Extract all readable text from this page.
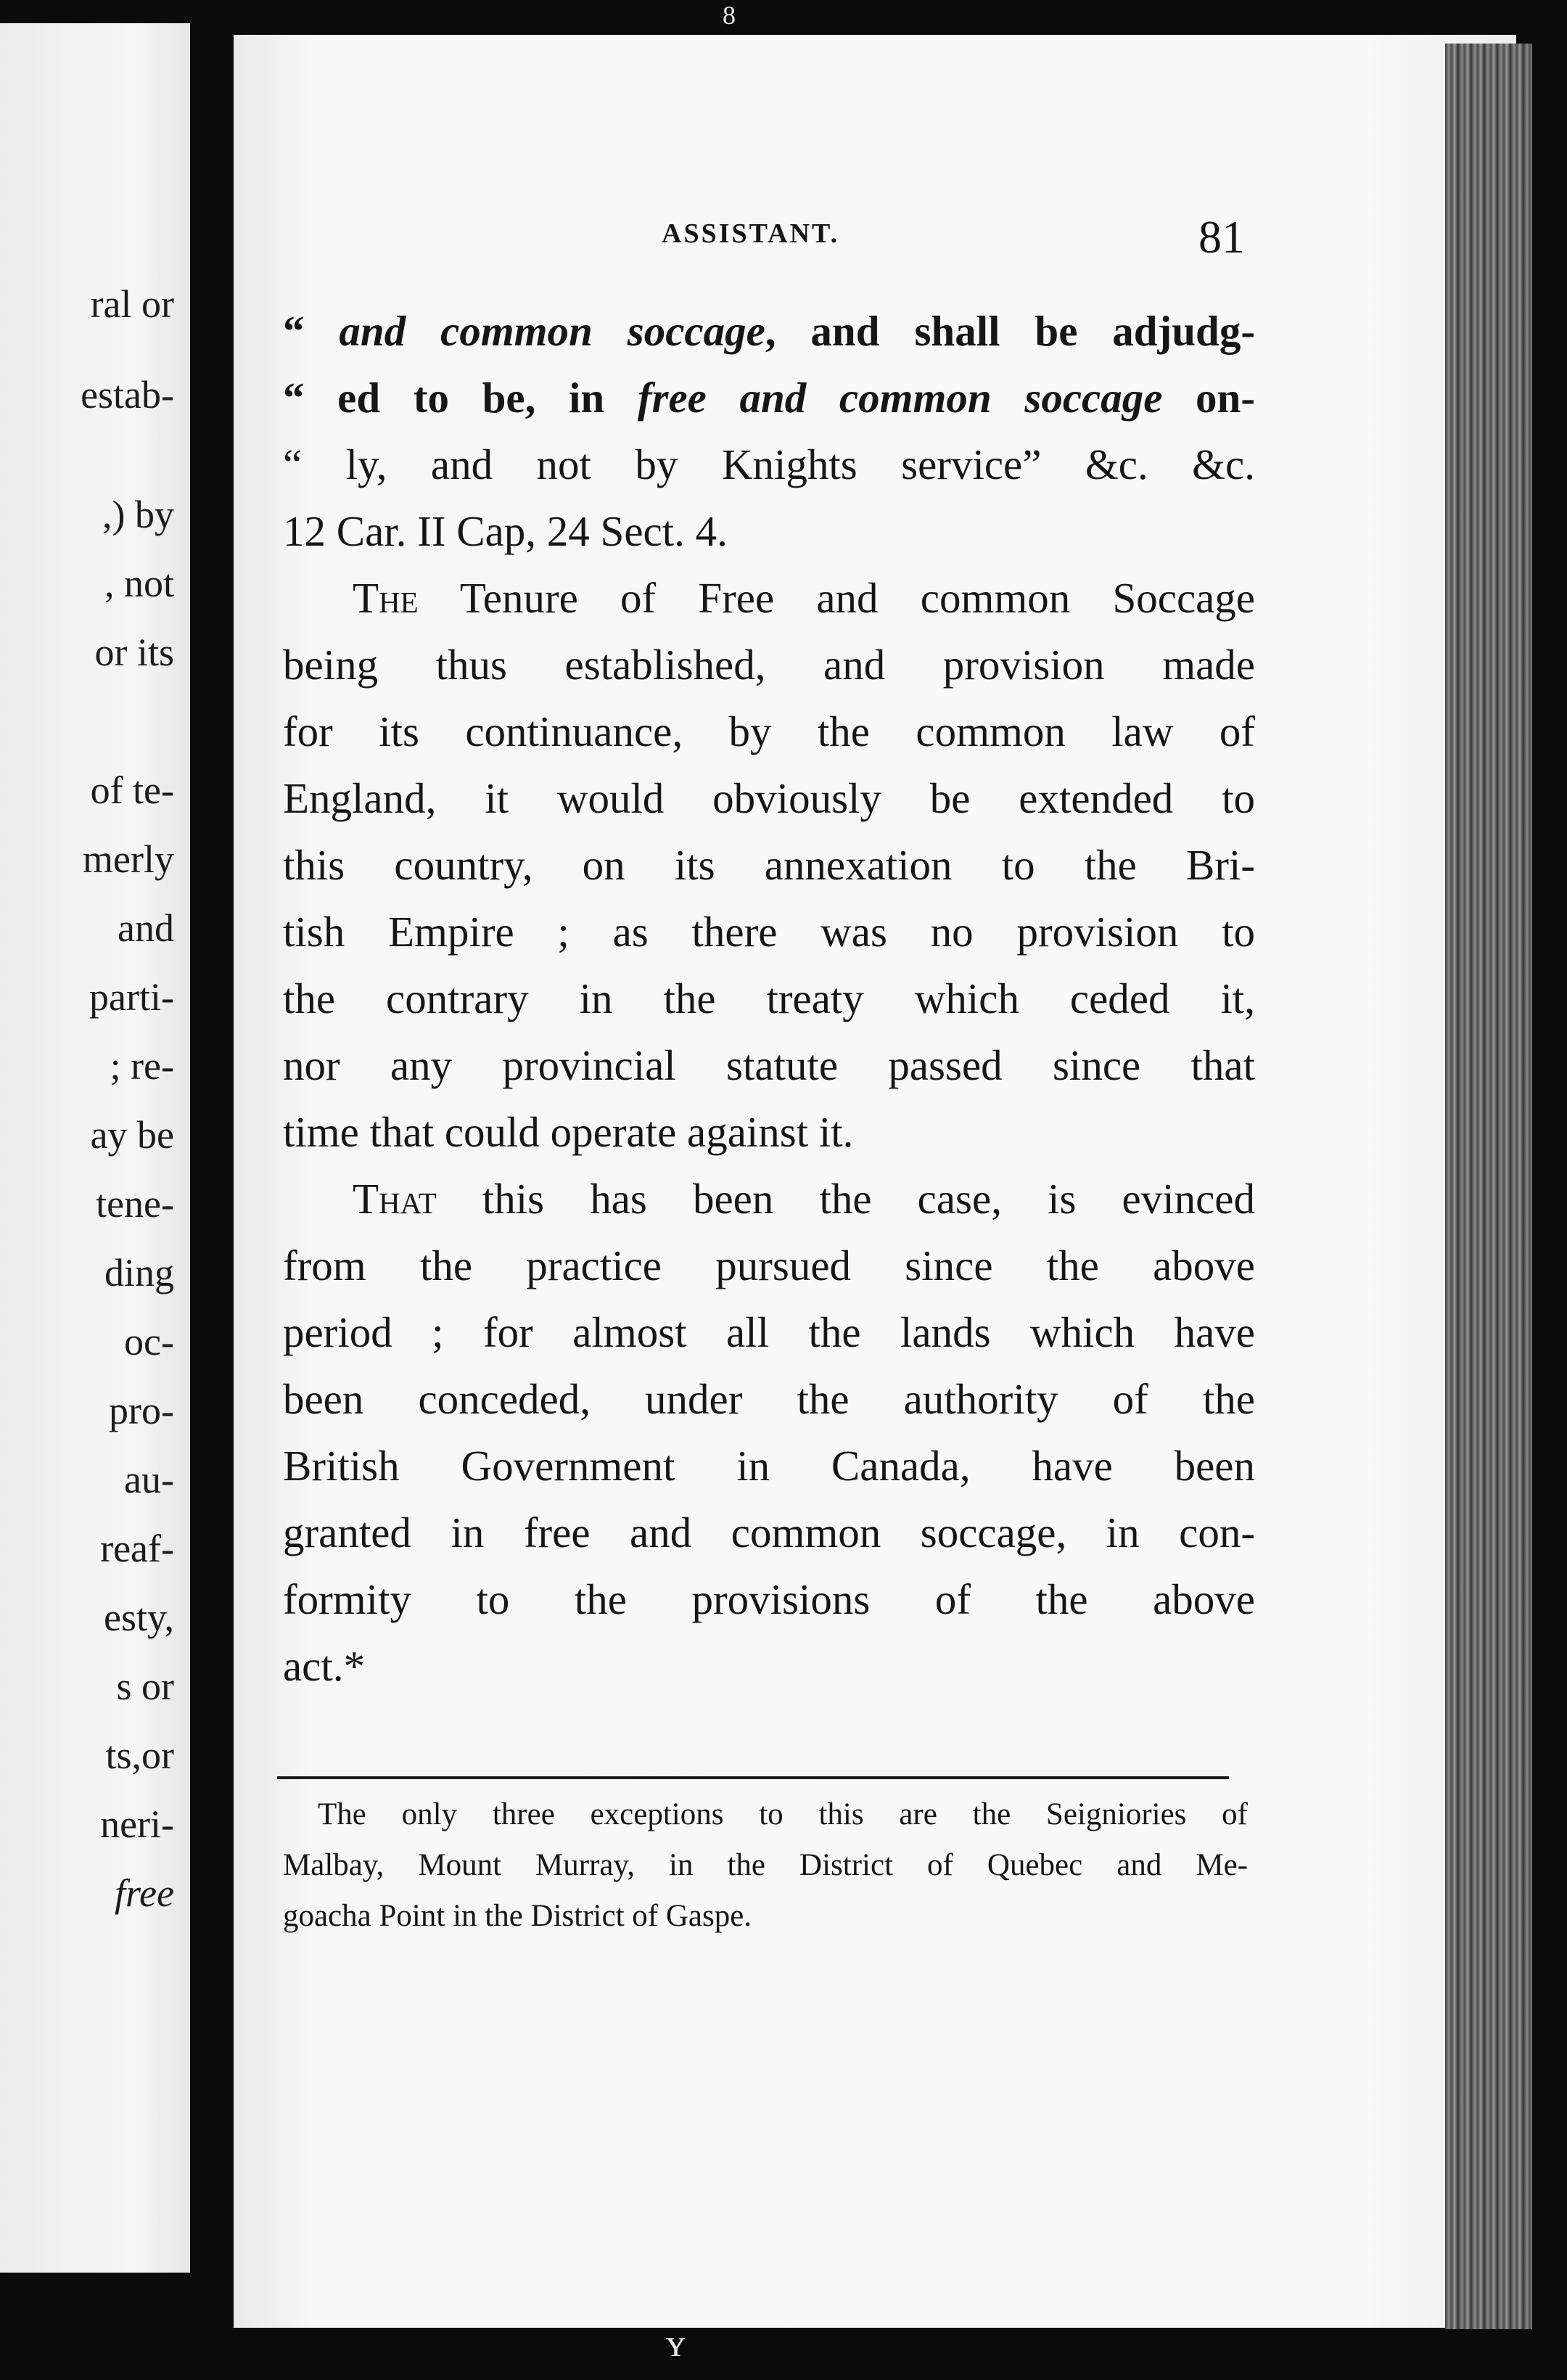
8
ral or
estab-
,) by
, not
or its
of te-
merly
and
parti-
; re-
ay be
tene-
ding
oc-
pro-
au-
reaf-
esty,
s or
ts,or
neri-
free
ASSISTANT.	81
“ and common soccage, and shall be adjudg-
“ ed to be, in free and common soccage on-
“ ly, and not by Knights service” &c. &c.
12 Car. II Cap, 24 Sect. 4.
The Tenure of Free and common Soccage
being thus established, and provision made
for its continuance, by the common law of
England, it would obviously be extended to
this country, on its annexation to the Bri-
tish Empire ; as there was no provision to
the contrary in the treaty which ceded it,
nor any provincial statute passed since that
time that could operate against it.
That this has been the case, is evinced
from the practice pursued since the above
period ; for almost all the lands which have
been conceded, under the authority of the
British Government in Canada, have been
granted in free and common soccage, in con-
formity to the provisions of the above
act.*
The only three exceptions to this are the Seigniories of
Malbay, Mount Murray, in the District of Quebec and Me-
goacha Point in the District of Gaspe.
ʏ
